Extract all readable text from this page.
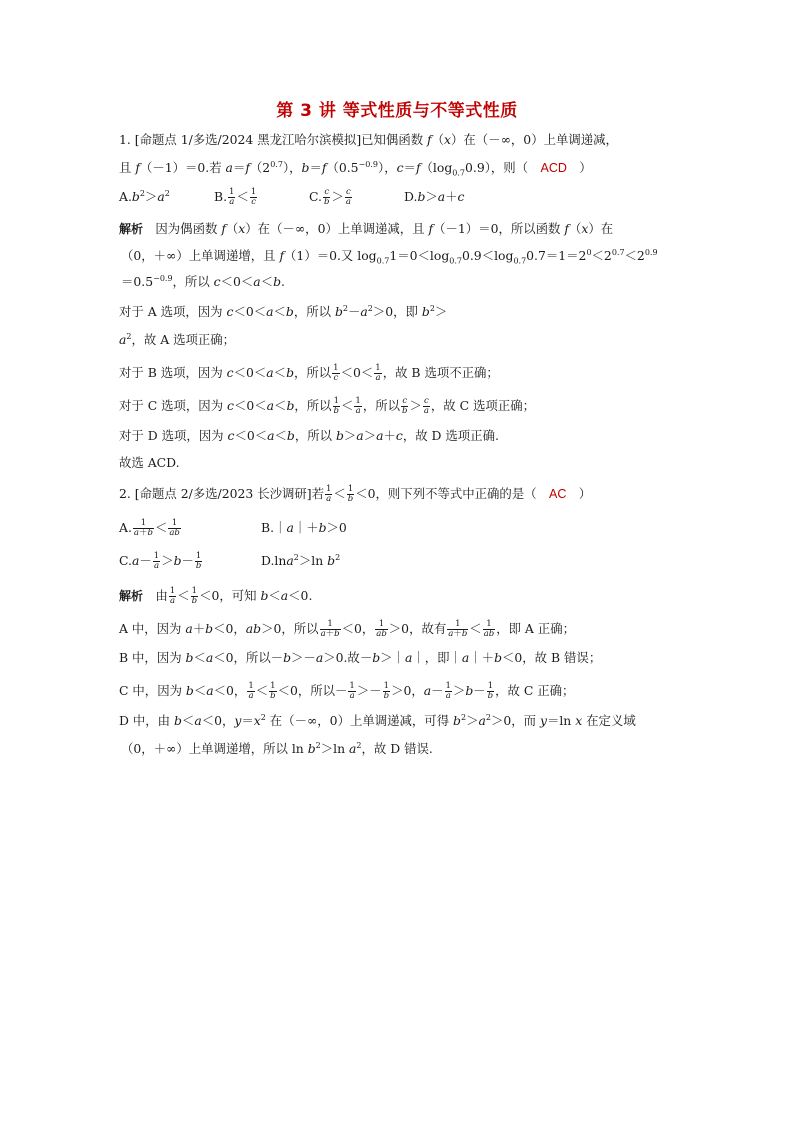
第 3 讲 等式性质与不等式性质
1. [命题点 1/多选/2024 黑龙江哈尔滨模拟]已知偶函数 f（x）在（－∞，0）上单调递减，
且 f（－1）＝0.若 $a=f(2^{0.7})$，$b=f(0.5^{-0.9})$，$c=f(\log_{0.7}0.9)$，则（　ACD　）
$A.b^2>a^2$	B. $\frac{1}{a} < \frac{1}{c}$	C. $\frac{c}{b} > \frac{c}{a}$	D.b＞a＋c
解析　因为偶函数 f（x）在（－∞，0）上单调递减，且 f（－1）＝0，所以函数 f（x）在
（0，＋∞）上单调递增，且 f（1）＝0.又 $\log_{0.7}1=0<\log_{0.7}0.9<\log_{0.7}0.7=1=2^0<2^{0.7}<2^{0.9}$
$=0.5^{-0.9}$，所以 c＜0＜a＜b.
对于 A 选项，因为 c＜0＜a＜b，所以 $b^2-a^2>0$，即 $b^2>$
$a^2$，故 A 选项正确；
对于 B 选项，因为 c＜0＜a＜b，所以 $\frac{1}{c} <0< \frac{1}{a}$ ，故 B 选项不正确；
对于 C 选项，因为 c＜0＜a＜b，所以 $\frac{1}{b} < \frac{1}{a}$ ，所以 $\frac{c}{b} > \frac{c}{a}$ ，故 C 选项正确；
对于 D 选项，因为 c＜0＜a＜b，所以 b＞a＞a＋c，故 D 选项正确.
故选 ACD.
2. [命题点 2/多选/2023 长沙调研]若 $\frac{1}{a} < \frac{1}{b} <0$，则下列不等式中正确的是（　AC　）
A. $\frac{1}{a+b} < \frac{1}{ab}$	B.｜a｜＋b＞0
$C.a- \frac{1}{a} >b- \frac{1}{b}$	D.lna$^2$＞ln $b^2$
解析　由 $\frac{1}{a} < \frac{1}{b} <0$，可知 b＜a＜0.
A 中，因为 a＋b＜0，ab＞0，所以 $\frac{1}{a+b} <0$， $\frac{1}{ab} >0$，故有 $\frac{1}{a+b} < \frac{1}{ab}$ ，即 A 正确；
B 中，因为 b＜a＜0，所以－b＞－a＞0.故－b＞｜a｜，即｜a｜＋b＜0，故 B 错误；
C 中，因为 b＜a＜0， $\frac{1}{a} < \frac{1}{b} <0$，所以－ $\frac{1}{a} >- \frac{1}{b} >0$，$a- \frac{1}{a} >b- \frac{1}{b}$ ，故 C 正确；
D 中，由 b＜a＜0，$y=x^2$ 在（－∞，0）上单调递减，可得 $b^2>a^2>0$，而 y＝ln x 在定义域
（0，＋∞）上单调递增，所以 $\ln b^2>\ln$ $a^2$，故 D 错误.
